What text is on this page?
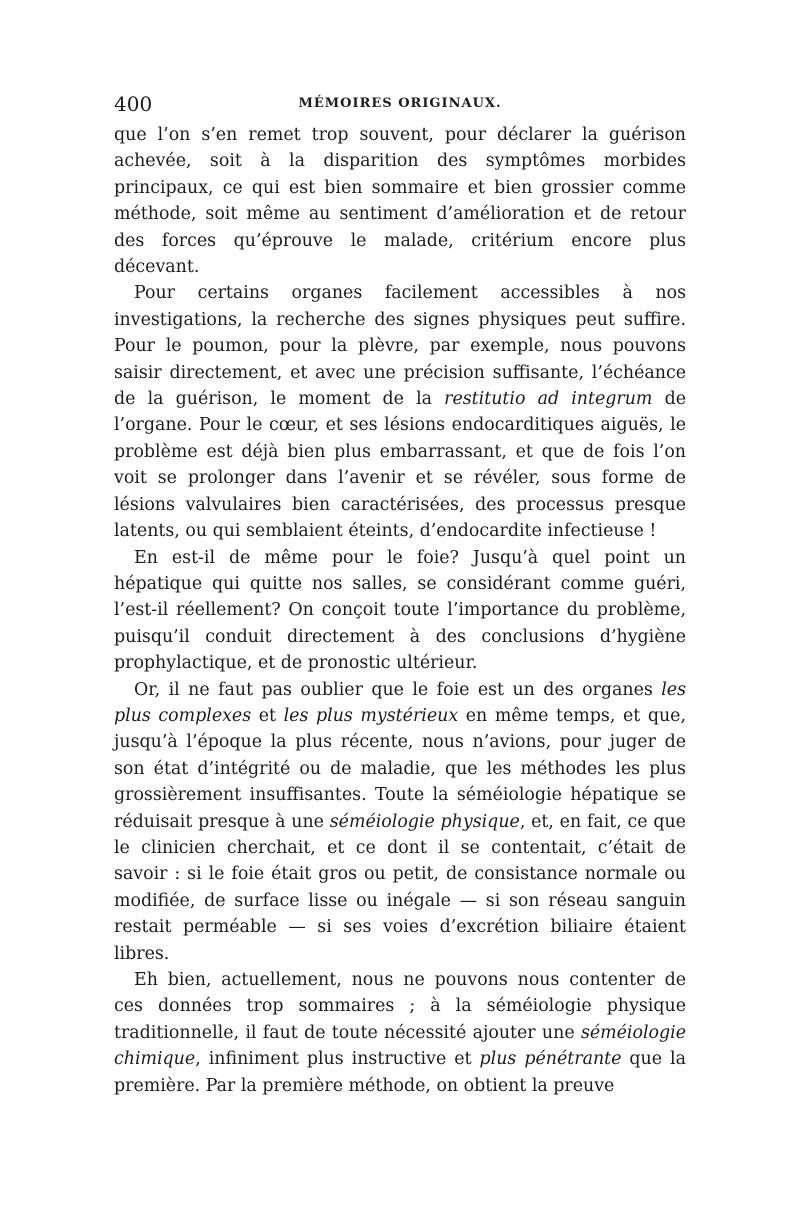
400	MÉMOIRES ORIGINAUX.

que l’on s’en remet trop souvent, pour déclarer la guérison achevée, soit à la disparition des symptômes morbides principaux, ce qui est bien sommaire et bien grossier comme méthode, soit même au sentiment d’amélioration et de retour des forces qu’éprouve le malade, critérium encore plus décevant.

Pour certains organes facilement accessibles à nos investigations, la recherche des signes physiques peut suffire. Pour le poumon, pour la plèvre, par exemple, nous pouvons saisir directement, et avec une précision suffisante, l’échéance de la guérison, le moment de la restitutio ad integrum de l’organe. Pour le cœur, et ses lésions endocarditiques aiguës, le problème est déjà bien plus embarrassant, et que de fois l’on voit se prolonger dans l’avenir et se révéler, sous forme de lésions valvulaires bien caractérisées, des processus presque latents, ou qui semblaient éteints, d’endocardite infectieuse !

En est-il de même pour le foie? Jusqu’à quel point un hépatique qui quitte nos salles, se considérant comme guéri, l’est-il réellement? On conçoit toute l’importance du problème, puisqu’il conduit directement à des conclusions d’hygiène prophylactique, et de pronostic ultérieur.

Or, il ne faut pas oublier que le foie est un des organes les plus complexes et les plus mystérieux en même temps, et que, jusqu’à l’époque la plus récente, nous n’avions, pour juger de son état d’intégrité ou de maladie, que les méthodes les plus grossièrement insuffisantes. Toute la séméiologie hépatique se réduisait presque à une séméiologie physique, et, en fait, ce que le clinicien cherchait, et ce dont il se contentait, c’était de savoir : si le foie était gros ou petit, de consistance normale ou modifiée, de surface lisse ou inégale — si son réseau sanguin restait perméable — si ses voies d’excrétion biliaire étaient libres.

Eh bien, actuellement, nous ne pouvons nous contenter de ces données trop sommaires ; à la séméiologie physique traditionnelle, il faut de toute nécessité ajouter une séméiologie chimique, infiniment plus instructive et plus pénétrante que la première. Par la première méthode, on obtient la preuve
